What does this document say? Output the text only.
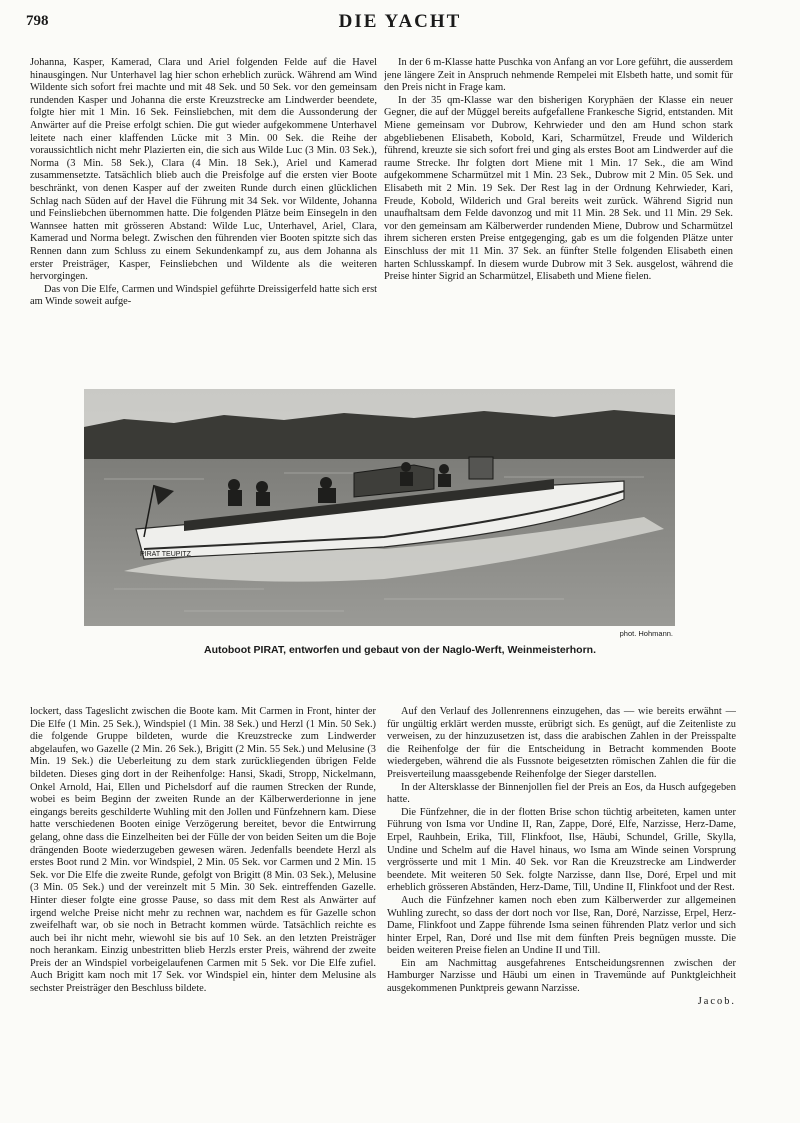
798	DIE YACHT

Johanna, Kasper, Kamerad, Clara und Ariel folgenden Felde auf die Havel hinausgingen. Nur Unterhavel lag hier schon erheblich zurück. Während am Wind Wildente sich sofort frei machte und mit 48 Sek. und 50 Sek. vor den gemeinsam rundenden Kasper und Johanna die erste Kreuzstrecke am Lindwerder beendete, folgte hier mit 1 Min. 16 Sek. Feinsliebchen, mit dem die Aussonderung der Anwärter auf die Preise erfolgt schien. Die gut wieder aufgekommene Unterhavel leitete nach einer klaffenden Lücke mit 3 Min. 00 Sek. die Reihe der voraussichtlich nicht mehr Plazierten ein, die sich aus Wilde Luc (3 Min. 03 Sek.), Norma (3 Min. 58 Sek.), Clara (4 Min. 18 Sek.), Ariel und Kamerad zusammensetzte. Tatsächlich blieb auch die Preisfolge auf die ersten vier Boote beschränkt, von denen Kasper auf der zweiten Runde durch einen glücklichen Schlag nach Süden auf der Havel die Führung mit 34 Sek. vor Wildente, Johanna und Feinsliebchen übernommen hatte. Die folgenden Plätze beim Einsegeln in den Wannsee hatten mit grösseren Abstand: Wilde Luc, Unterhavel, Ariel, Clara, Kamerad und Norma belegt. Zwischen den führenden vier Booten spitzte sich das Rennen dann zum Schluss zu einem Sekundenkampf zu, aus dem Johanna als erster Preisträger, Kasper, Feinsliebchen und Wildente als die weiteren hervorgingen.

Das von Die Elfe, Carmen und Windspiel geführte Dreissigerfeld hatte sich erst am Winde soweit aufge-

In der 6 m-Klasse hatte Puschka von Anfang an vor Lore geführt, die ausserdem jene längere Zeit in Anspruch nehmende Rempelei mit Elsbeth hatte, und somit für den Preis nicht in Frage kam.

In der 35 qm-Klasse war den bisherigen Koryphäen der Klasse ein neuer Gegner, die auf der Müggel bereits aufgefallene Frankesche Sigrid, entstanden. Mit Miene gemeinsam vor Dubrow, Kehrwieder und den am Hund schon stark abgebliebenen Elisabeth, Kobold, Kari, Scharmützel, Freude und Wilderich führend, kreuzte sie sich sofort frei und ging als erstes Boot am Lindwerder auf die raume Strecke. Ihr folgten dort Miene mit 1 Min. 17 Sek., die am Wind aufgekommene Scharmützel mit 1 Min. 23 Sek., Dubrow mit 2 Min. 05 Sek. und Elisabeth mit 2 Min. 19 Sek. Der Rest lag in der Ordnung Kehrwieder, Kari, Freude, Kobold, Wilderich und Gral bereits weit zurück. Während Sigrid nun unaufhaltsam dem Felde davonzog und mit 11 Min. 28 Sek. und 11 Min. 29 Sek. vor den gemeinsam am Kälberwerder rundenden Miene, Dubrow und Scharmützel ihrem sicheren ersten Preise entgegenging, gab es um die folgenden Plätze unter Einschluss der mit 11 Min. 37 Sek. an fünfter Stelle folgenden Elisabeth einen harten Schlusskampf. In diesem wurde Dubrow mit 3 Sek. ausgelost, während die Preise hinter Sigrid an Scharmützel, Elisabeth und Miene fielen.

PIRAT TEUPITZ
phot. Hohmann.
Autoboot PIRAT, entworfen und gebaut von der Naglo-Werft, Weinmeisterhorn.

lockert, dass Tageslicht zwischen die Boote kam. Mit Carmen in Front, hinter der Die Elfe (1 Min. 25 Sek.), Windspiel (1 Min. 38 Sek.) und Herzl (1 Min. 50 Sek.) die folgende Gruppe bildeten, wurde die Kreuzstrecke zum Lindwerder abgelaufen, wo Gazelle (2 Min. 26 Sek.), Brigitt (2 Min. 55 Sek.) und Melusine (3 Min. 19 Sek.) die Ueberleitung zu dem stark zurückliegenden übrigen Felde bildeten. Dieses ging dort in der Reihenfolge: Hansi, Skadi, Stropp, Nickelmann, Onkel Arnold, Hai, Ellen und Pichelsdorf auf die raumen Strecken der Runde, wobei es beim Beginn der zweiten Runde an der Kälberwerderionne in jene eingangs bereits geschilderte Wuhling mit den Jollen und Fünfzehnern kam. Diese hatte verschiedenen Booten einige Verzögerung bereitet, bevor die Entwirrung gelang, ohne dass die Einzelheiten bei der Fülle der von beiden Seiten um die Boje drängenden Boote wiederzugeben gewesen wären. Jedenfalls beendete Herzl als erstes Boot rund 2 Min. vor Windspiel, 2 Min. 05 Sek. vor Carmen und 2 Min. 15 Sek. vor Die Elfe die zweite Runde, gefolgt von Brigitt (8 Min. 03 Sek.), Melusine (3 Min. 05 Sek.) und der vereinzelt mit 5 Min. 30 Sek. eintreffenden Gazelle. Hinter dieser folgte eine grosse Pause, so dass mit dem Rest als Anwärter auf irgend welche Preise nicht mehr zu rechnen war, nachdem es für Gazelle schon zweifelhaft war, ob sie noch in Betracht kommen würde. Tatsächlich reichte es auch bei ihr nicht mehr, wiewohl sie bis auf 10 Sek. an den letzten Preisträger noch herankam. Einzig unbestritten blieb Herzls erster Preis, während der zweite Preis der an Windspiel vorbeigelaufenen Carmen mit 5 Sek. vor Die Elfe zufiel. Auch Brigitt kam noch mit 17 Sek. vor Windspiel ein, hinter dem Melusine als sechster Preisträger den Beschluss bildete.

Auf den Verlauf des Jollenrennens einzugehen, das — wie bereits erwähnt — für ungültig erklärt werden musste, erübrigt sich. Es genügt, auf die Zeitenliste zu verweisen, zu der hinzuzusetzen ist, dass die arabischen Zahlen in der Preisspalte die Reihenfolge der für die Entscheidung in Betracht kommenden Boote wiedergeben, während die als Fussnote beigesetzten römischen Zahlen die für die Preisverteilung maassgebende Reihenfolge der Sieger darstellen.

In der Altersklasse der Binnenjollen fiel der Preis an Eos, da Husch aufgegeben hatte.

Die Fünfzehner, die in der flotten Brise schon tüchtig arbeiteten, kamen unter Führung von Isma vor Undine II, Ran, Zappe, Doré, Elfe, Narzisse, Herz-Dame, Erpel, Rauhbein, Erika, Till, Flinkfoot, Ilse, Häubi, Schundel, Grille, Skylla, Undine und Schelm auf die Havel hinaus, wo Isma am Winde seinen Vorsprung vergrösserte und mit 1 Min. 40 Sek. vor Ran die Kreuzstrecke am Lindwerder beendete. Mit weiteren 50 Sek. folgte Narzisse, dann Ilse, Doré, Erpel und mit erheblich grösseren Abständen, Herz-Dame, Till, Undine II, Flinkfoot und der Rest.

Auch die Fünfzehner kamen noch eben zum Kälberwerder zur allgemeinen Wuhling zurecht, so dass der dort noch vor Ilse, Ran, Doré, Narzisse, Erpel, Herz-Dame, Flinkfoot und Zappe führende Isma seinen führenden Platz verlor und sich hinter Erpel, Ran, Doré und Ilse mit dem fünften Preis begnügen musste. Die beiden weiteren Preise fielen an Undine II und Till.

Ein am Nachmittag ausgefahrenes Entscheidungsrennen zwischen der Hamburger Narzisse und Häubi um einen in Travemünde auf Punktgleichheit ausgekommenen Punktpreis gewann Narzisse.

Jacob.
